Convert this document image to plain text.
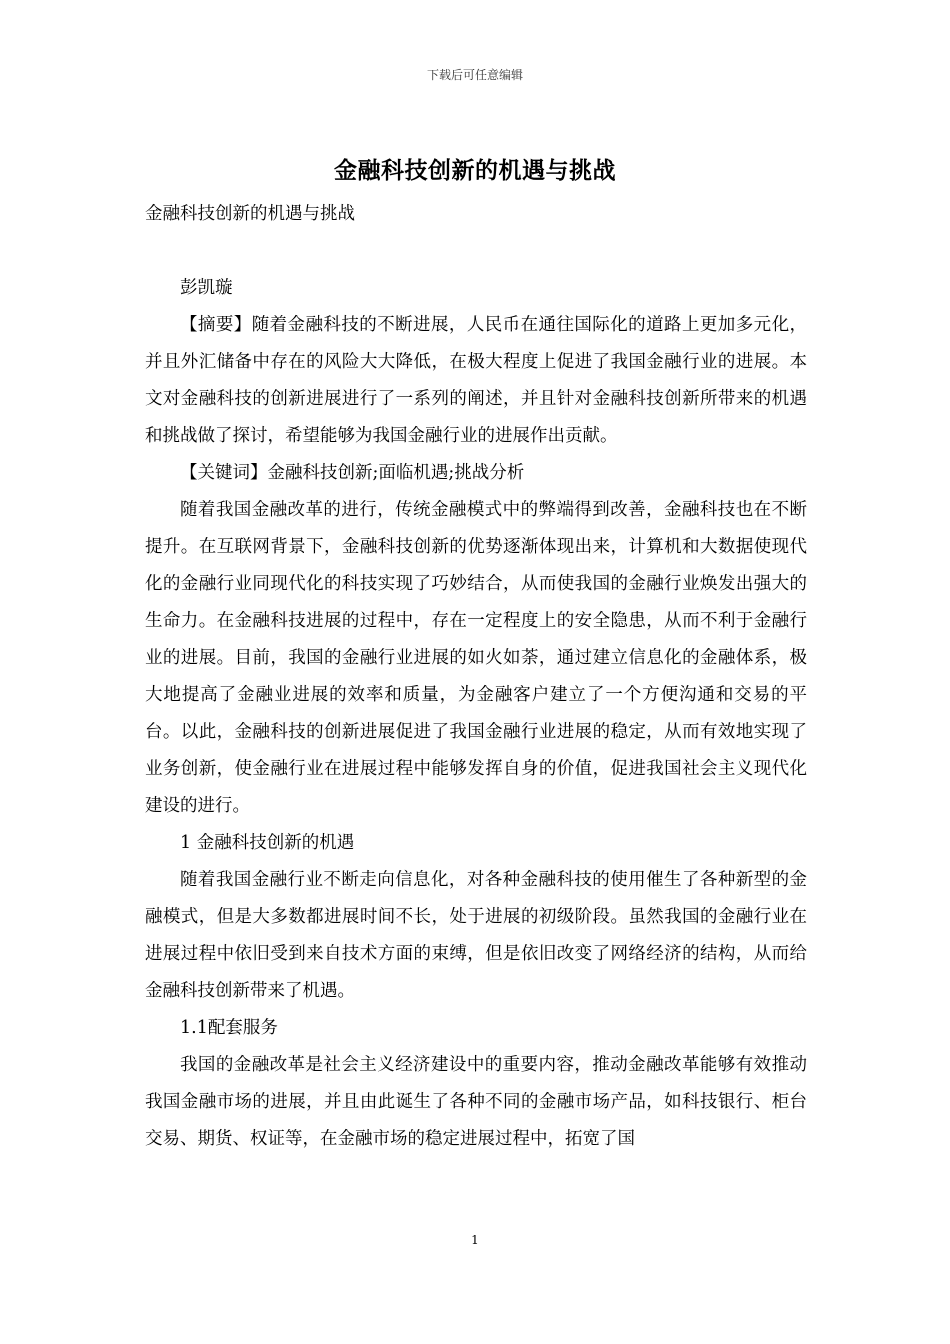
下载后可任意编辑
金融科技创新的机遇与挑战

金融科技创新的机遇与挑战

彭凯璇

【摘要】随着金融科技的不断进展，人民币在通往国际化的道路上更加多元化，并且外汇储备中存在的风险大大降低，在极大程度上促进了我国金融行业的进展。本文对金融科技的创新进展进行了一系列的阐述，并且针对金融科技创新所带来的机遇和挑战做了探讨，希望能够为我国金融行业的进展作出贡献。

【关键词】金融科技创新;面临机遇;挑战分析

随着我国金融改革的进行，传统金融模式中的弊端得到改善，金融科技也在不断提升。在互联网背景下，金融科技创新的优势逐渐体现出来，计算机和大数据使现代化的金融行业同现代化的科技实现了巧妙结合，从而使我国的金融行业焕发出强大的生命力。在金融科技进展的过程中，存在一定程度上的安全隐患，从而不利于金融行业的进展。目前，我国的金融行业进展的如火如荼，通过建立信息化的金融体系，极大地提高了金融业进展的效率和质量，为金融客户建立了一个方便沟通和交易的平台。以此，金融科技的创新进展促进了我国金融行业进展的稳定，从而有效地实现了业务创新，使金融行业在进展过程中能够发挥自身的价值，促进我国社会主义现代化建设的进行。

1 金融科技创新的机遇

随着我国金融行业不断走向信息化，对各种金融科技的使用催生了各种新型的金融模式，但是大多数都进展时间不长，处于进展的初级阶段。虽然我国的金融行业在进展过程中依旧受到来自技术方面的束缚，但是依旧改变了网络经济的结构，从而给金融科技创新带来了机遇。

1.1配套服务

我国的金融改革是社会主义经济建设中的重要内容，推动金融改革能够有效推动我国金融市场的进展，并且由此诞生了各种不同的金融市场产品，如科技银行、柜台交易、期货、权证等，在金融市场的稳定进展过程中，拓宽了国

1
